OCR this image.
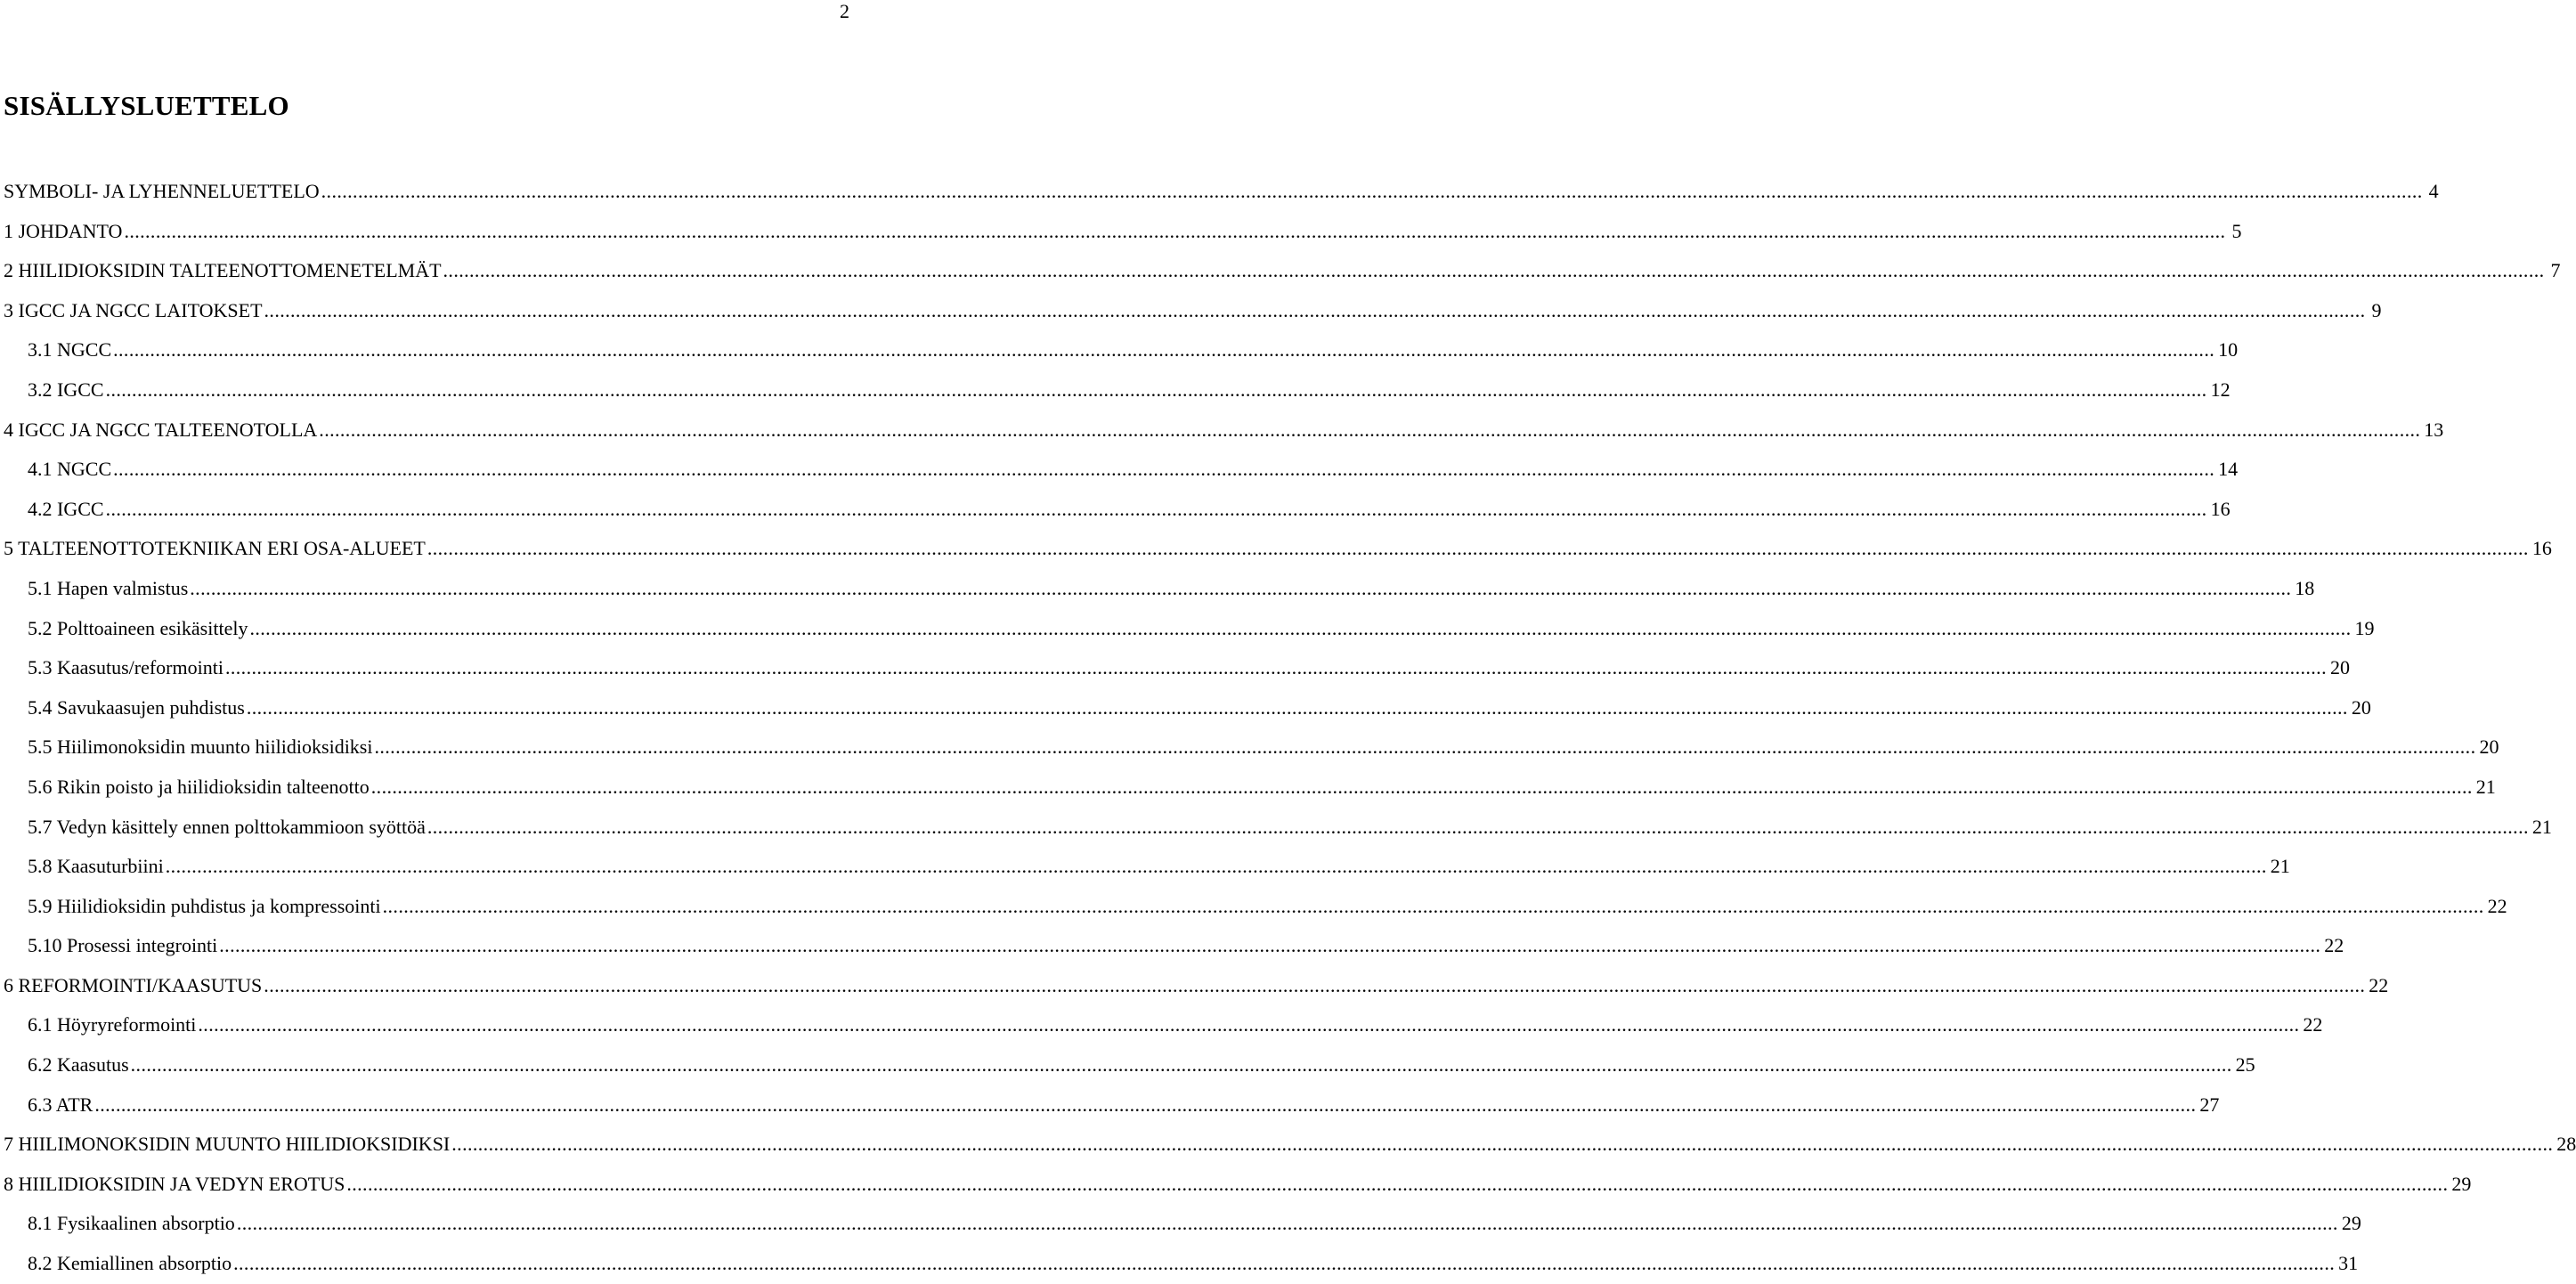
2
SISÄLLYSLUETTELO
SYMBOLI- JA LYHENNELUETTELO ................................................................................................................................................................................................................................................................................................................................................................................................................ 4
1 JOHDANTO ................................................................................................................................................................................................................................................................................................................................................................................................................ 5
2 HIILIDIOKSIDIN TALTEENOTTOMENETELMÄT ................................................................................................................................................................................................................................................................................................................................................................................................................ 7
3 IGCC JA NGCC LAITOKSET ................................................................................................................................................................................................................................................................................................................................................................................................................ 9
3.1 NGCC ................................................................................................................................................................................................................................................................................................................................................................................................................ 10
3.2 IGCC ................................................................................................................................................................................................................................................................................................................................................................................................................ 12
4 IGCC JA NGCC TALTEENOTOLLA ................................................................................................................................................................................................................................................................................................................................................................................................................ 13
4.1 NGCC ................................................................................................................................................................................................................................................................................................................................................................................................................ 14
4.2 IGCC ................................................................................................................................................................................................................................................................................................................................................................................................................ 16
5 TALTEENOTTOTEKNIIKAN ERI OSA-ALUEET ................................................................................................................................................................................................................................................................................................................................................................................................................ 16
5.1 Hapen valmistus ................................................................................................................................................................................................................................................................................................................................................................................................................ 18
5.2 Polttoaineen esikäsittely ................................................................................................................................................................................................................................................................................................................................................................................................................ 19
5.3 Kaasutus/reformointi ................................................................................................................................................................................................................................................................................................................................................................................................................ 20
5.4 Savukaasujen puhdistus ................................................................................................................................................................................................................................................................................................................................................................................................................ 20
5.5 Hiilimonoksidin muunto hiilidioksidiksi ................................................................................................................................................................................................................................................................................................................................................................................................................ 20
5.6 Rikin poisto ja hiilidioksidin talteenotto ................................................................................................................................................................................................................................................................................................................................................................................................................ 21
5.7 Vedyn käsittely ennen polttokammioon syöttöä ................................................................................................................................................................................................................................................................................................................................................................................................................ 21
5.8 Kaasuturbiini ................................................................................................................................................................................................................................................................................................................................................................................................................ 21
5.9 Hiilidioksidin puhdistus ja kompressointi ................................................................................................................................................................................................................................................................................................................................................................................................................ 22
5.10 Prosessi integrointi ................................................................................................................................................................................................................................................................................................................................................................................................................ 22
6 REFORMOINTI/KAASUTUS ................................................................................................................................................................................................................................................................................................................................................................................................................ 22
6.1 Höyryreformointi ................................................................................................................................................................................................................................................................................................................................................................................................................ 22
6.2 Kaasutus ................................................................................................................................................................................................................................................................................................................................................................................................................ 25
6.3 ATR ................................................................................................................................................................................................................................................................................................................................................................................................................ 27
7 HIILIMONOKSIDIN MUUNTO HIILIDIOKSIDIKSI ................................................................................................................................................................................................................................................................................................................................................................................................................ 28
8 HIILIDIOKSIDIN JA VEDYN EROTUS ................................................................................................................................................................................................................................................................................................................................................................................................................ 29
8.1 Fysikaalinen absorptio ................................................................................................................................................................................................................................................................................................................................................................................................................ 29
8.2 Kemiallinen absorptio ................................................................................................................................................................................................................................................................................................................................................................................................................ 31
